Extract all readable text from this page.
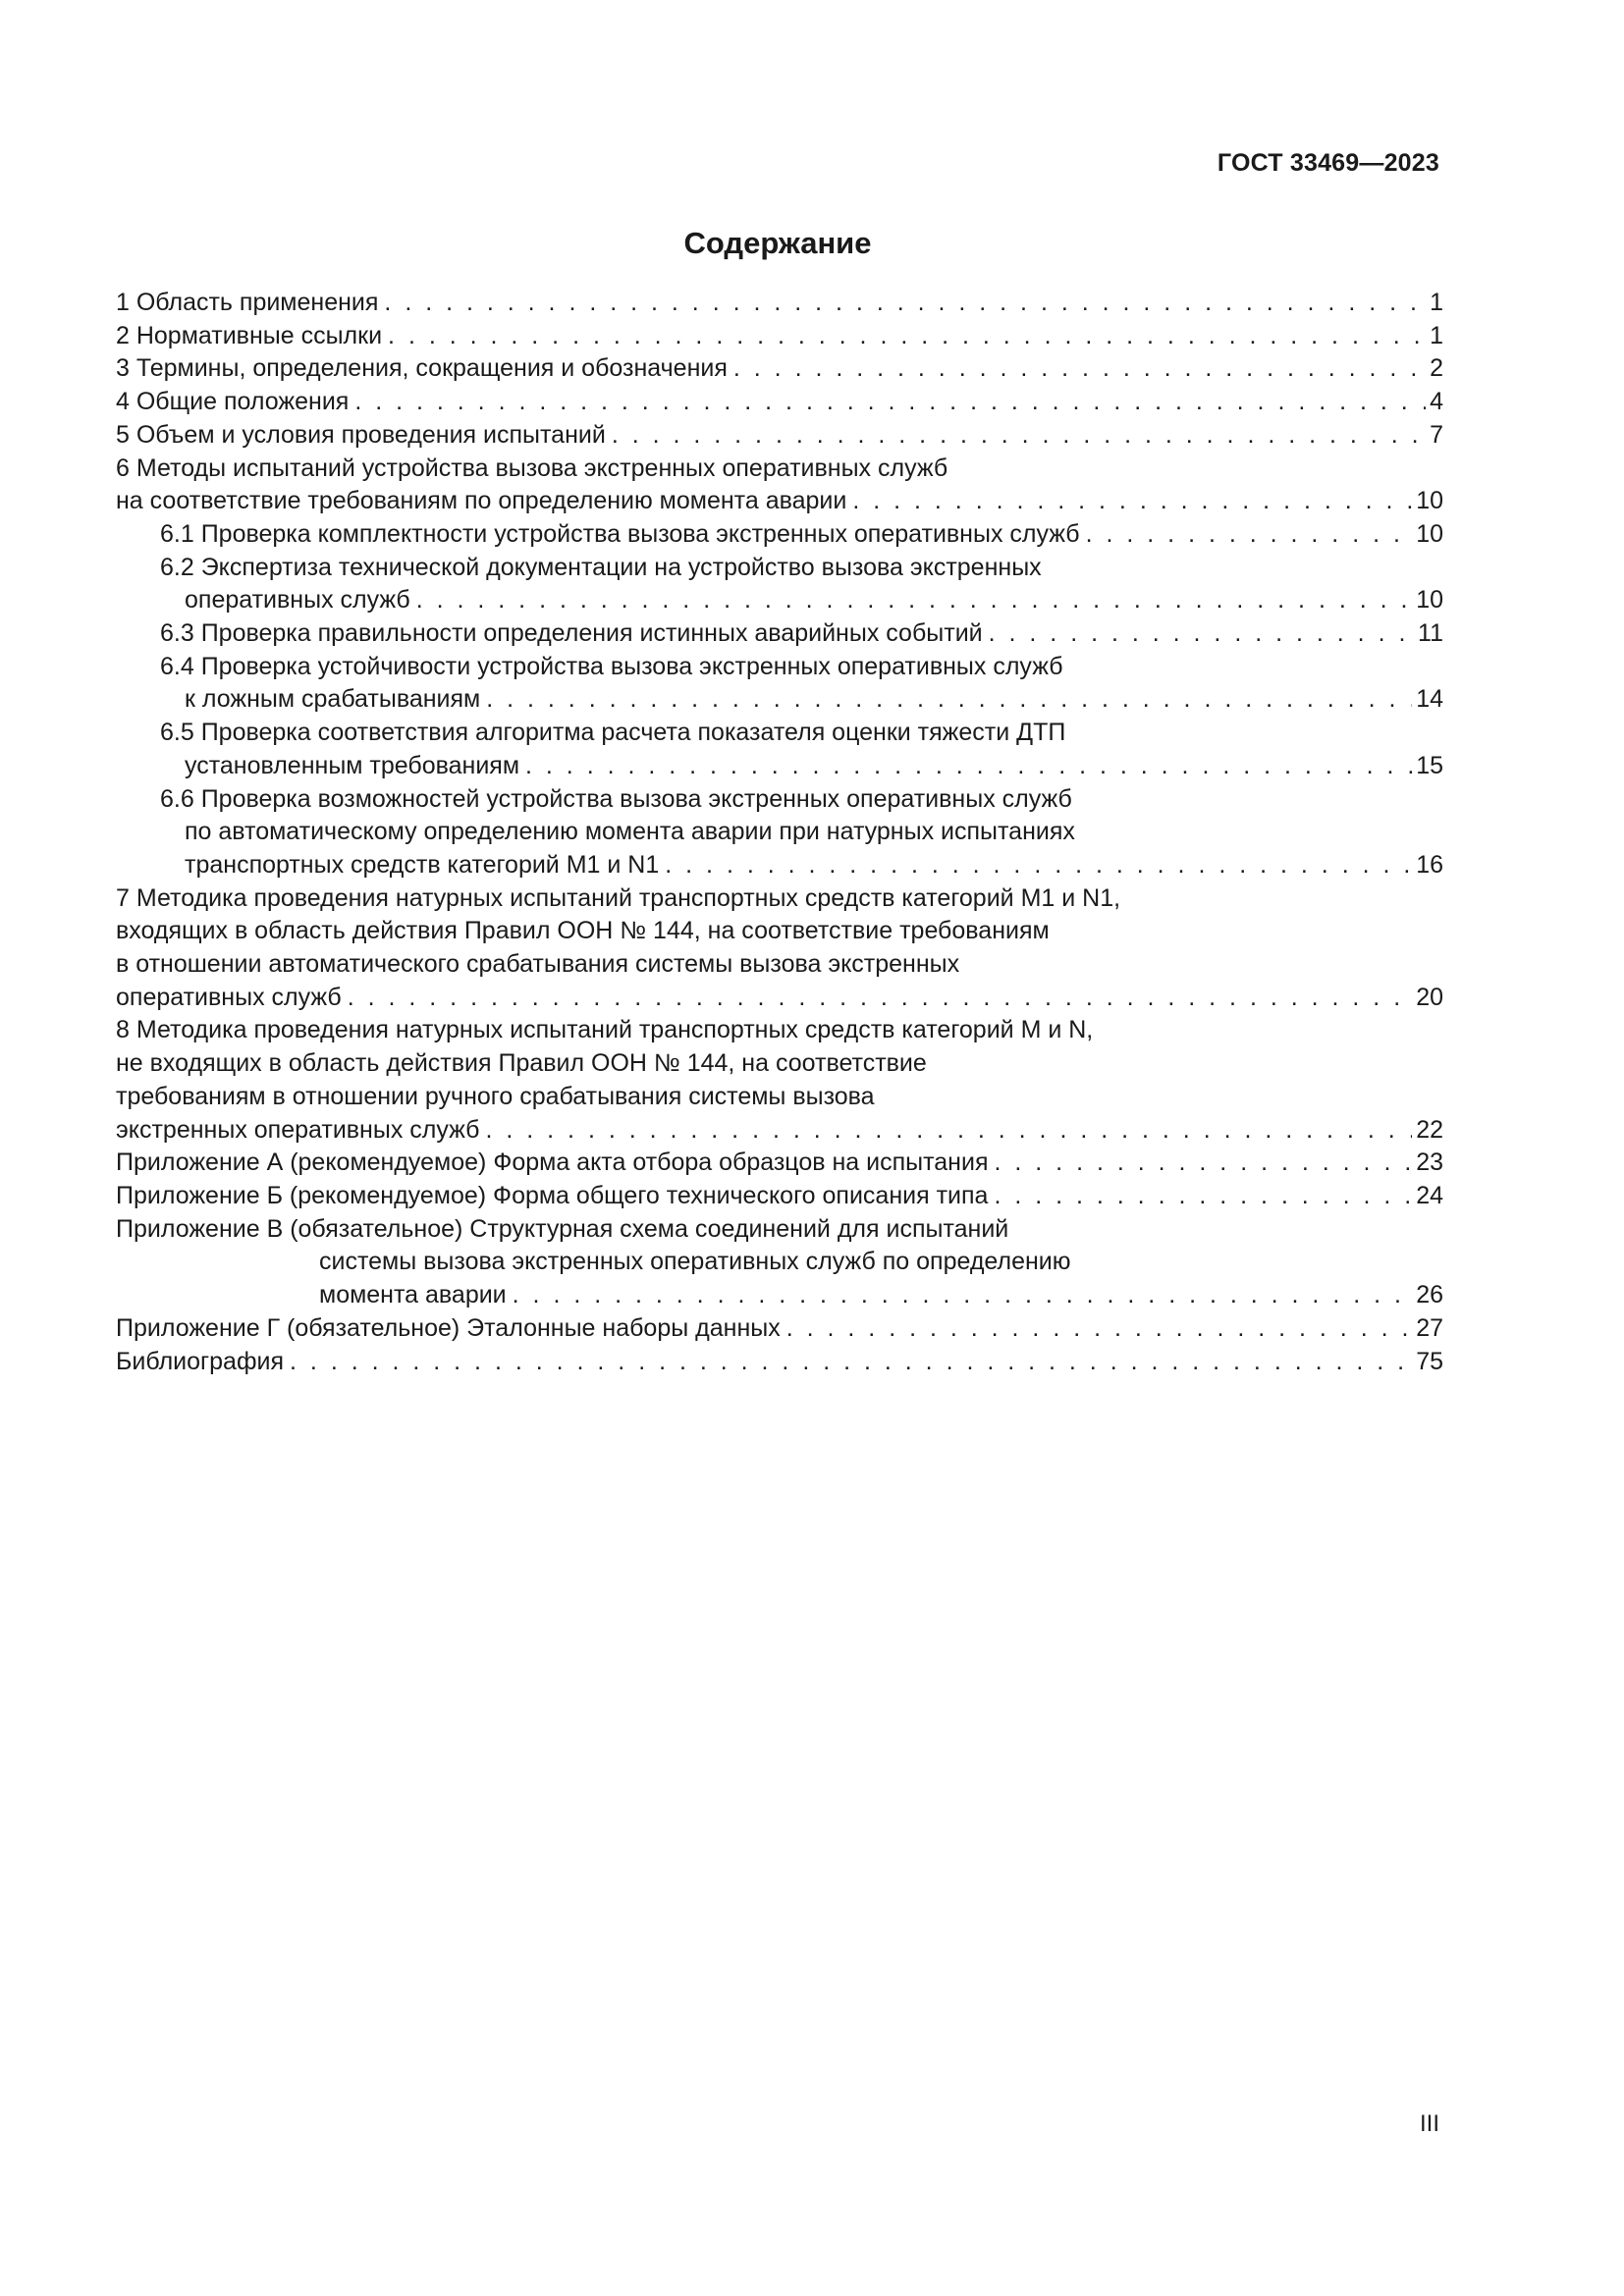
ГОСТ 33469—2023
Содержание
1 Область применения . . .	1
2 Нормативные ссылки . . .	1
3 Термины, определения, сокращения и обозначения . . .	2
4 Общие положения . . .	4
5 Объем и условия проведения испытаний . . .	7
6 Методы испытаний устройства вызова экстренных оперативных служб
на соответствие требованиям по определению момента аварии . . .	10
6.1 Проверка комплектности устройства вызова экстренных оперативных служб . . .	10
6.2 Экспертиза технической документации на устройство вызова экстренных
оперативных служб . . .	10
6.3 Проверка правильности определения истинных аварийных событий . . .	11
6.4 Проверка устойчивости устройства вызова экстренных оперативных служб
к ложным срабатываниям . . .	14
6.5 Проверка соответствия алгоритма расчета показателя оценки тяжести ДТП
установленным требованиям . . .	15
6.6 Проверка возможностей устройства вызова экстренных оперативных служб
по автоматическому определению момента аварии при натурных испытаниях
транспортных средств категорий M1 и N1 . . .	16
7 Методика проведения натурных испытаний транспортных средств категорий M1 и N1,
входящих в область действия Правил ООН № 144, на соответствие требованиям
в отношении автоматического срабатывания системы вызова экстренных
оперативных служб . . .	20
8 Методика проведения натурных испытаний транспортных средств категорий М и N,
не входящих в область действия Правил ООН № 144, на соответствие
требованиям в отношении ручного срабатывания системы вызова
экстренных оперативных служб . . .	22
Приложение А (рекомендуемое) Форма акта отбора образцов на испытания . . .	23
Приложение Б (рекомендуемое) Форма общего технического описания типа . . .	24
Приложение В (обязательное) Структурная схема соединений для испытаний
системы вызова экстренных оперативных служб по определению
момента аварии . . .	26
Приложение Г (обязательное) Эталонные наборы данных . . .	27
Библиография . . .	75
III
